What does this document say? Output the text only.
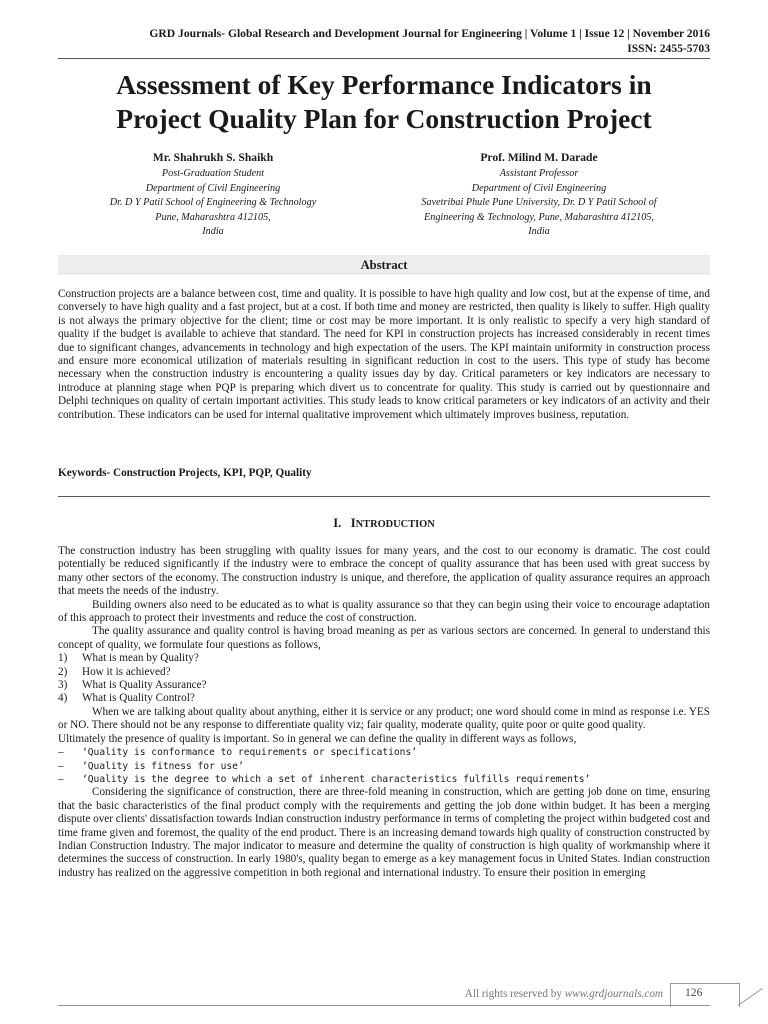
GRD Journals- Global Research and Development Journal for Engineering | Volume 1 | Issue 12 | November 2016
ISSN: 2455-5703
Assessment of Key Performance Indicators in
Project Quality Plan for Construction Project
Mr. Shahrukh S. Shaikh
Post-Graduation Student
Department of Civil Engineering
Dr. D Y Patil School of Engineering & Technology
Pune, Maharashtra 412105,
India
Prof. Milind M. Darade
Assistant Professor
Department of Civil Engineering
Savetribai Phule Pune University, Dr. D Y Patil School of
Engineering & Technology, Pune, Maharashtra 412105,
India
Abstract
Construction projects are a balance between cost, time and quality. It is possible to have high quality and low cost, but at the expense of time, and conversely to have high quality and a fast project, but at a cost. If both time and money are restricted, then quality is likely to suffer. High quality is not always the primary objective for the client; time or cost may be more important. It is only realistic to specify a very high standard of quality if the budget is available to achieve that standard. The need for KPI in construction projects has increased considerably in recent times due to significant changes, advancements in technology and high expectation of the users. The KPI maintain uniformity in construction process and ensure more economical utilization of materials resulting in significant reduction in cost to the users. This type of study has become necessary when the construction industry is encountering a quality issues day by day. Critical parameters or key indicators are necessary to introduce at planning stage when PQP is preparing which divert us to concentrate for quality. This study is carried out by questionnaire and Delphi techniques on quality of certain important activities. This study leads to know critical parameters or key indicators of an activity and their contribution. These indicators can be used for internal qualitative improvement which ultimately improves business, reputation.
Keywords- Construction Projects, KPI, PQP, Quality
I. INTRODUCTION
The construction industry has been struggling with quality issues for many years, and the cost to our economy is dramatic. The cost could potentially be reduced significantly if the industry were to embrace the concept of quality assurance that has been used with great success by many other sectors of the economy. The construction industry is unique, and therefore, the application of quality assurance requires an approach that meets the needs of the industry.
Building owners also need to be educated as to what is quality assurance so that they can begin using their voice to encourage adaptation of this approach to protect their investments and reduce the cost of construction.
The quality assurance and quality control is having broad meaning as per as various sectors are concerned. In general to understand this concept of quality, we formulate four questions as follows,
1)	What is mean by Quality?
2)	How it is achieved?
3)	What is Quality Assurance?
4)	What is Quality Control?
When we are talking about quality about anything, either it is service or any product; one word should come in mind as response i.e. YES or NO. There should not be any response to differentiate quality viz; fair quality, moderate quality, quite poor or quite good quality.
Ultimately the presence of quality is important. So in general we can define the quality in different ways as follows,
–	‘Quality is conformance to requirements or specifications’
–	‘Quality is fitness for use’
–	‘Quality is the degree to which a set of inherent characteristics fulfills requirements’
Considering the significance of construction, there are three-fold meaning in construction, which are getting job done on time, ensuring that the basic characteristics of the final product comply with the requirements and getting the job done within budget. It has been a merging dispute over clients' dissatisfaction towards Indian construction industry performance in terms of completing the project within budgeted cost and time frame given and foremost, the quality of the end product. There is an increasing demand towards high quality of construction constructed by Indian Construction Industry. The major indicator to measure and determine the quality of construction is high quality of workmanship where it determines the success of construction. In early 1980's, quality began to emerge as a key management focus in United States. Indian construction industry has realized on the aggressive competition in both regional and international industry. To ensure their position in emerging
All rights reserved by www.grdjournals.com 126
